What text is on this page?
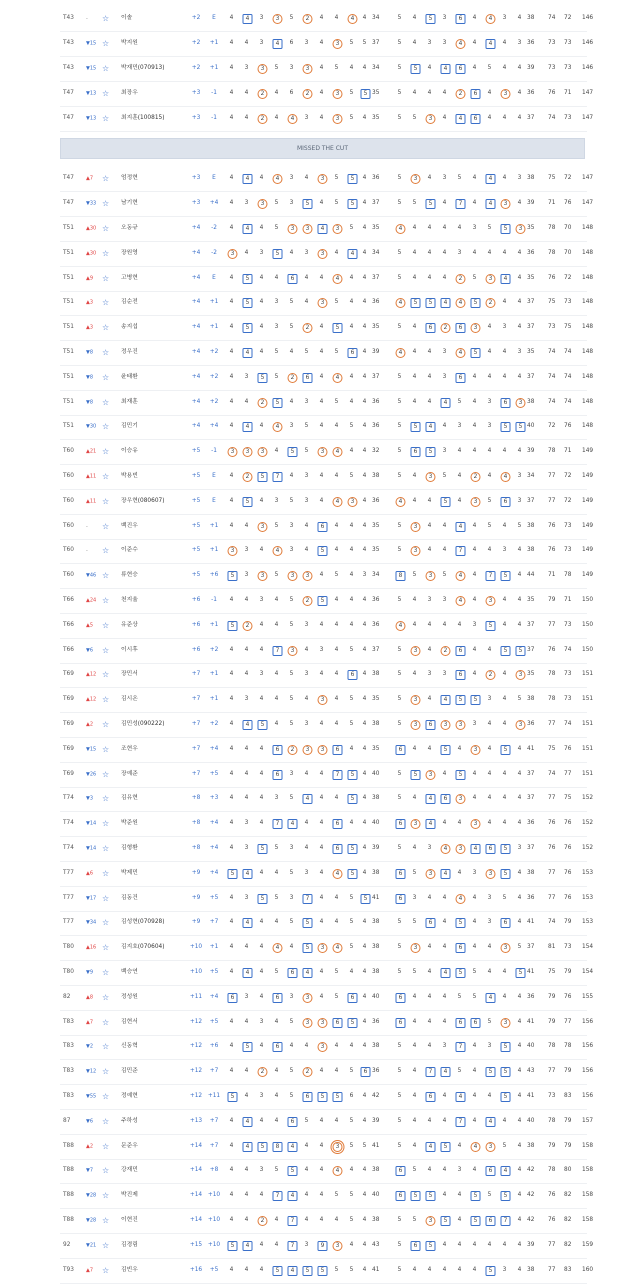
T43 -	☆ 이솔	+2	E	4	4	3	3	5	2	4	4	4	4 34	5	4	5	3	6	4	4	3	4 38 74 72 146
T43 ▼15 ☆ 박지원	+2	+1	4	4	3	4	6	3	4	3	5	5 37	5	4	3	3	4	4	4	4	3 36 73 73 146
T43 ▼15 ☆ 박재민(070913)	+2	+1	4	3	3	5	3	3	4	5	4	4 34	5	5	4	4	6	4	5	4	4 39 73 73 146
T47 ▼13 ☆ 최장우	+3	-1	4	4	2	4	6	2	4	3	5	5 35	5	4	4	4	2	6	4	3	4 36 76 71 147
T47 ▼13 ☆ 최지훈(100815)	+3	-1	4	4	2	4	4	3	4	3	5	4 35	5	5	3	4	4	6	4	4	4 37 74 73 147
MISSED THE CUT
T47 ▲7	☆ 엄정현	+3	E	4	4	4	4	3	4	3	5	5	4 36	5	3	4	3	5	4	4	4	3 38 75 72 147
T47 ▼33 ☆ 남기현	+3	+4	4	3	3	5	3	5	4	5	5	4 37	5	5	5	4	7	4	4	3	4 39 71 76 147
T51 ▲30 ☆ 오동규	+4	-2	4	4	4	5	3	3	4	3	5	4 35	4	4	4	4	4	3	5	5	3 35 78 70 148
T51 ▲30 ☆ 장원영	+4	-2	3	4	3	5	4	3	3	4	4	4 34	5	4	4	4	3	4	4	4	4 36 78 70 148
T51 ▲9	☆ 고병현	+4	E	4	5	4	4	6	4	4	4	4	4 37	5	4	4	4	2	5	3	4	4 35 76 72 148
T51 ▲3	☆ 김순전	+4	+1	4	5	4	3	5	4	3	5	4	4 36	4	5	5	4	4	5	2	4	4 37 75 73 148
T51 ▲3	☆ 송지섭	+4	+1	4	5	4	3	5	2	4	5	4	4 35	5	4	6	2	6	3	4	3	4 37 73 75 148
T51 ▼8	☆ 정우진	+4	+2	4	4	4	5	4	5	4	5	6	4 39	4	4	4	3	4	5	4	4	3 35 74 74 148
T51 ▼8	☆ 윤태환	+4	+2	4	3	5	5	2	6	4	4	4	4 37	5	4	4	3	6	4	4	4	4 37 74 74 148
T51 ▼8	☆ 최재훈	+4	+2	4	4	2	5	4	3	4	5	4	4 36	5	4	4	4	5	4	3	6	3 38 74 74 148
T51 ▼30 ☆ 김민기	+4	+4	4	4	4	4	3	5	4	4	5	4 36	5	5	4	4	3	4	3	5	5 40 72 76 148
T60 ▲21 ☆ 이승유	+5	-1	3	3	3	4	5	5	3	4	4	4 32	5	6	5	3	4	4	4	4	4 39 78 71 149
T60 ▲11 ☆ 박용빈	+5	E	4	2	5	7	4	3	4	4	5	4 38	5	4	3	5	4	2	4	4	3 34 77 72 149
T60 ▲11 ☆ 장우현(080607)	+5	E	4	5	4	3	5	3	4	4	3	4 36	4	4	4	5	4	3	5	6	3 37 77 72 149
T60 -	☆ 백진우	+5	+1	4	4	3	5	3	4	6	4	4	4 35	5	3	4	4	4	4	5	4	5 38 76 73 149
T60 -	☆ 이준수	+5	+1	3	3	4	4	3	4	5	4	4	4 35	5	3	4	4	7	4	4	3	4 38 76 73 149
T60 ▼46 ☆ 류현승	+5	+6	5	3	3	5	3	3	4	5	4	3 34	8	5	3	5	4	4	7	5	4 44 71 78 149
T66 ▲24 ☆ 천지율	+6	-1	4	4	3	4	5	2	5	4	4	4 36	5	4	3	3	4	4	3	4	4 35 79 71 150
T66 ▲5	☆ 유준상	+6	+1	5	2	4	4	5	3	4	4	4	4 36	4	4	4	4	4	3	5	4	4 37 77 73 150
T66 ▼6	☆ 이시후	+6	+2	4	4	4	7	3	4	3	4	5	4 37	5	3	4	2	6	4	4	5	5 37 76 74 150
T69 ▲12 ☆ 장민서	+7	+1	4	4	3	4	5	3	4	4	6	4 38	5	4	3	3	6	4	2	4	3 35 78 73 151
T69 ▲12 ☆ 김시온	+7	+1	4	3	4	4	5	4	3	4	5	4 35	5	3	4	4	5	5	3	4	5 38 78 73 151
T69 ▲2	☆ 김민성(090222)	+7	+2	4	4	5	4	5	3	4	4	5	4 38	5	3	6	3	3	3	4	4	3 36 77 74 151
T69 ▼15 ☆ 조현우	+7	+4	4	4	4	6	2	3	3	6	4	4 35	6	4	4	5	4	3	4	5	4 41 75 76 151
T69 ▼26 ☆ 장예준	+7	+5	4	4	4	6	3	4	4	7	5	4 40	5	5	3	4	5	4	4	4	4 37 74 77 151
T74 ▼3	☆ 김유현	+8	+3	4	4	4	3	5	4	4	4	5	4 38	5	4	4	6	3	4	4	4	4 37 77 75 152
T74 ▼14 ☆ 박준원	+8	+4	4	3	4	7	4	4	4	6	4	4 40	6	3	4	4	4	3	4	4	4 36 76 76 152
T74 ▼14 ☆ 김형환	+8	+4	4	3	5	5	3	4	4	6	5	4 39	5	4	3	4	3	4	6	5	3 37 76 76 152
T77 ▲6	☆ 박제민	+9	+4	5	4	4	4	5	3	4	4	5	4 38	6	5	3	4	4	3	3	5	4 38 77 76 153
T77 ▼17 ☆ 김동건	+9	+5	4	3	5	5	3	7	4	4	5	5 41	6	3	4	4	4	4	3	5	4 36 77 76 153
T77 ▼34 ☆ 김성현(070928)	+9	+7	4	4	4	4	5	5	4	4	5	4 38	5	5	6	4	5	4	3	6	4 41 74 79 153
T80 ▲16 ☆ 김지호(070604)	+10	+1	4	4	4	4	4	5	3	4	5	4 38	5	3	4	4	6	4	4	3	5 37 81 73 154
T80 ▼9	☆ 백승연	+10	+5	4	4	4	5	6	4	4	5	4	4 38	5	5	4	4	5	5	4	4	5 41 75 79 154
82	▲8	☆ 정성원	+11	+4	6	3	4	6	3	3	4	5	6	4 40	6	4	4	4	5	5	4	4	4 36 79 76 155
T83 ▲7	☆ 김현서	+12	+5	4	4	3	4	5	3	3	6	5	4 36	6	4	4	4	6	6	5	3	4 41 79 77 156
T83 ▼2	☆ 신동혁	+12	+6	4	5	4	6	4	4	3	4	4	4 38	5	4	4	3	7	4	3	5	4 40 78 78 156
T83 ▼12 ☆ 김민준	+12	+7	4	4	2	4	5	2	4	4	5	6 36	5	4	7	4	5	4	5	5	4 43 77 79 156
T83 ▼55 ☆ 정예현	+12 +11	5	4	3	4	5	6	5	5	6	4 42	5	4	6	4	4	4	4	5	4 41 73 83 156
87	▼6	☆ 주하성	+13	+7	4	4	4	4	6	5	4	4	5	4 39	5	4	4	4	7	4	4	4	4 40 78 79 157
T88 ▲2	☆ 문준우	+14	+7	4	4	5	8	4	4	4	3	5	5 41	5	4	4	5	4	4	3	5	4 38 79 79 158
T88 ▼7	☆ 강재민	+14	+8	4	4	3	5	5	4	4	4	4	4 38	6	5	4	4	3	4	6	4	4 42 78 80 158
T88 ▼28 ☆ 박진제	+14 +10	4	4	4	7	4	4	4	5	5	4 40	6	5	5	4	4	5	5	5	4 42 76 82 158
T88 ▼28 ☆ 이현진	+14 +10	4	4	2	4	7	4	4	4	5	4 38	5	5	3	5	4	5	6	7	4 42 76 82 158
92	▼21 ☆ 김경림	+15 +10	5	4	4	4	7	3	9	3	4	4 43	5	6	5	4	4	4	4	4	4 39 77 82 159
T93 ▲7	☆ 김빈우	+16	+5	4	4	4	5	4	5	5	5	5	4 41	5	4	4	4	4	4	5	3	4 38 77 83 160
